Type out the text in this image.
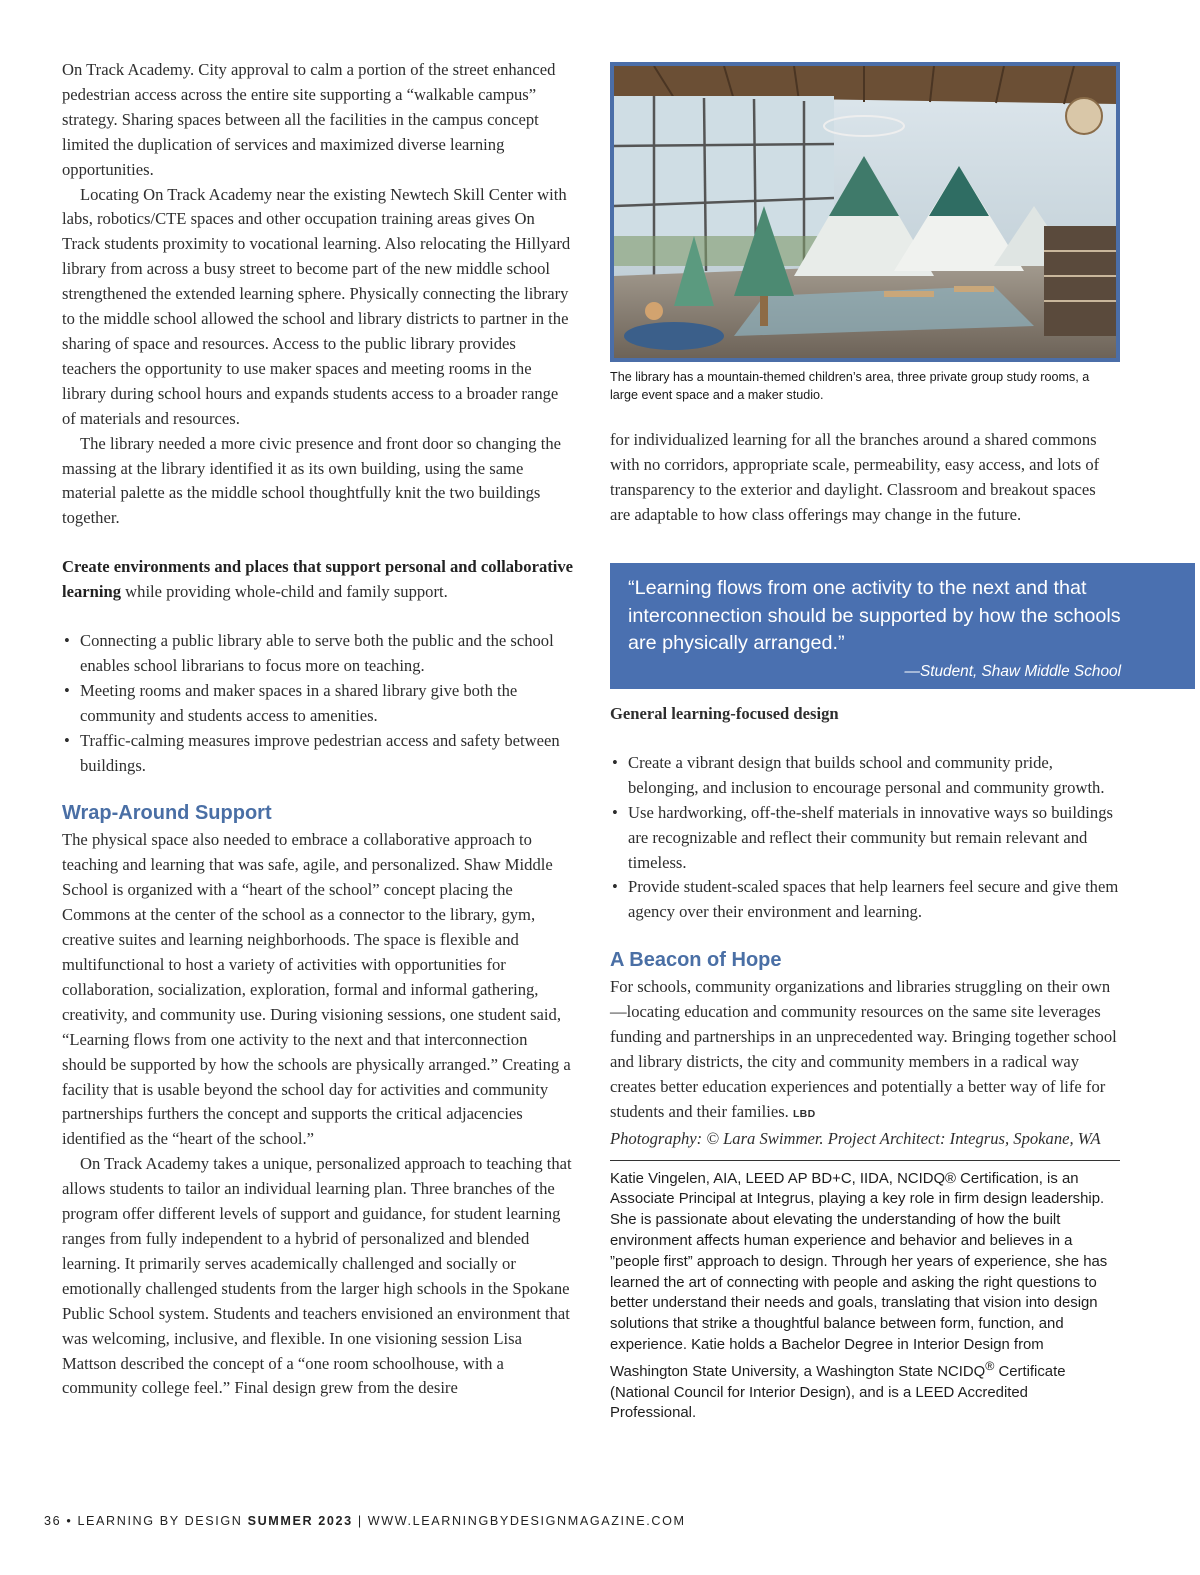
On Track Academy. City approval to calm a portion of the street enhanced pedestrian access across the entire site supporting a “walkable campus” strategy. Sharing spaces between all the facilities in the campus concept limited the duplication of services and maximized diverse learning opportunities.

Locating On Track Academy near the existing Newtech Skill Center with labs, robotics/CTE spaces and other occupation training areas gives On Track students proximity to vocational learning. Also relocating the Hillyard library from across a busy street to become part of the new middle school strengthened the extended learning sphere. Physically connecting the library to the middle school allowed the school and library districts to partner in the sharing of space and resources. Access to the public library provides teachers the opportunity to use maker spaces and meeting rooms in the library during school hours and expands students access to a broader range of materials and resources.

The library needed a more civic presence and front door so changing the massing at the library identified it as its own building, using the same material palette as the middle school thoughtfully knit the two buildings together.

Create environments and places that support personal and collaborative learning while providing whole-child and family support.

• Connecting a public library able to serve both the public and the school enables school librarians to focus more on teaching.
• Meeting rooms and maker spaces in a shared library give both the community and students access to amenities.
• Traffic-calming measures improve pedestrian access and safety between buildings.
Wrap-Around Support

The physical space also needed to embrace a collaborative approach to teaching and learning that was safe, agile, and personalized. Shaw Middle School is organized with a “heart of the school” concept placing the Commons at the center of the school as a connector to the library, gym, creative suites and learning neighborhoods. The space is flexible and multifunctional to host a variety of activities with opportunities for collaboration, socialization, exploration, formal and informal gathering, creativity, and community use. During visioning sessions, one student said, “Learning flows from one activity to the next and that interconnection should be supported by how the schools are physically arranged.” Creating a facility that is usable beyond the school day for activities and community partnerships furthers the concept and supports the critical adjacencies identified as the “heart of the school.”

On Track Academy takes a unique, personalized approach to teaching that allows students to tailor an individual learning plan. Three branches of the program offer different levels of support and guidance, for student learning ranges from fully independent to a hybrid of personalized and blended learning. It primarily serves academically challenged and socially or emotionally challenged students from the larger high schools in the Spokane Public School system. Students and teachers envisioned an environment that was welcoming, inclusive, and flexible. In one visioning session Lisa Mattson described the concept of a “one room schoolhouse, with a community college feel.” Final design grew from the desire

The library has a mountain-themed children’s area, three private group study rooms, a large event space and a maker studio.

for individualized learning for all the branches around a shared commons with no corridors, appropriate scale, permeability, easy access, and lots of transparency to the exterior and daylight. Classroom and breakout spaces are adaptable to how class offerings may change in the future.

“Learning flows from one activity to the next and that interconnection should be supported by how the schools are physically arranged.”
—Student, Shaw Middle School

General learning-focused design

• Create a vibrant design that builds school and community pride, belonging, and inclusion to encourage personal and community growth.
• Use hardworking, off-the-shelf materials in innovative ways so buildings are recognizable and reflect their community but remain relevant and timeless.
• Provide student-scaled spaces that help learners feel secure and give them agency over their environment and learning.
A Beacon of Hope

For schools, community organizations and libraries struggling on their own—locating education and community resources on the same site leverages funding and partnerships in an unprecedented way. Bringing together school and library districts, the city and community members in a radical way creates better education experiences and potentially a better way of life for students and their families. LBD

Photography: © Lara Swimmer. Project Architect: Integrus, Spokane, WA

Katie Vingelen, AIA, LEED AP BD+C, IIDA, NCIDQ® Certification, is an Associate Principal at Integrus, playing a key role in firm design leadership. She is passionate about elevating the understanding of how the built environment affects human experience and behavior and believes in a ”people first” approach to design. Through her years of experience, she has learned the art of connecting with people and asking the right questions to better understand their needs and goals, translating that vision into design solutions that strike a thoughtful balance between form, function, and experience. Katie holds a Bachelor Degree in Interior Design from Washington State University, a Washington State NCIDQ® Certificate (National Council for Interior Design), and is a LEED Accredited Professional.
36 • LEARNING BY DESIGN SUMMER 2023 | WWW.LEARNINGBYDESIGNMAGAZINE.COM
